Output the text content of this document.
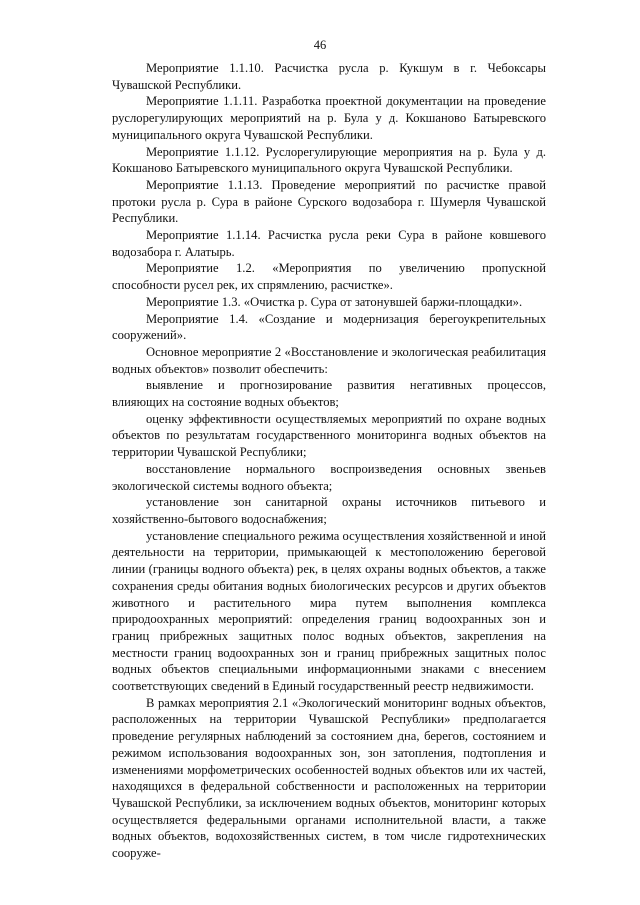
46

Мероприятие 1.1.10. Расчистка русла р. Кукшум в г. Чебоксары Чувашской Республики.

Мероприятие 1.1.11. Разработка проектной документации на проведение руслорегулирующих мероприятий на р. Була у д. Кокшаново Батыревского муниципального округа Чувашской Республики.

Мероприятие 1.1.12. Руслорегулирующие мероприятия на р. Була у д. Кокшаново Батыревского муниципального округа Чувашской Республики.

Мероприятие 1.1.13. Проведение мероприятий по расчистке правой протоки русла р. Сура в районе Сурского водозабора г. Шумерля Чувашской Республики.

Мероприятие 1.1.14. Расчистка русла реки Сура в районе ковшевого водозабора г. Алатырь.

Мероприятие 1.2. «Мероприятия по увеличению пропускной способности русел рек, их спрямлению, расчистке».

Мероприятие 1.3. «Очистка р. Сура от затонувшей баржи-площадки».

Мероприятие 1.4. «Создание и модернизация берегоукрепительных сооружений».

Основное мероприятие 2 «Восстановление и экологическая реабилитация водных объектов» позволит обеспечить:

выявление и прогнозирование развития негативных процессов, влияющих на состояние водных объектов;

оценку эффективности осуществляемых мероприятий по охране водных объектов по результатам государственного мониторинга водных объектов на территории Чувашской Республики;

восстановление нормального воспроизведения основных звеньев экологической системы водного объекта;

установление зон санитарной охраны источников питьевого и хозяйственно-бытового водоснабжения;

установление специального режима осуществления хозяйственной и иной деятельности на территории, примыкающей к местоположению береговой линии (границы водного объекта) рек, в целях охраны водных объектов, а также сохранения среды обитания водных биологических ресурсов и других объектов животного и растительного мира путем выполнения комплекса природоохранных мероприятий: определения границ водоохранных зон и границ прибрежных защитных полос водных объектов, закрепления на местности границ водоохранных зон и границ прибрежных защитных полос водных объектов специальными информационными знаками с внесением соответствующих сведений в Единый государственный реестр недвижимости.

В рамках мероприятия 2.1 «Экологический мониторинг водных объектов, расположенных на территории Чувашской Республики» предполагается проведение регулярных наблюдений за состоянием дна, берегов, состоянием и режимом использования водоохранных зон, зон затопления, подтопления и изменениями морфометрических особенностей водных объектов или их частей, находящихся в федеральной собственности и расположенных на территории Чувашской Республики, за исключением водных объектов, мониторинг которых осуществляется федеральными органами исполнительной власти, а также водных объектов, водохозяйственных систем, в том числе гидротехнических сооруже-
